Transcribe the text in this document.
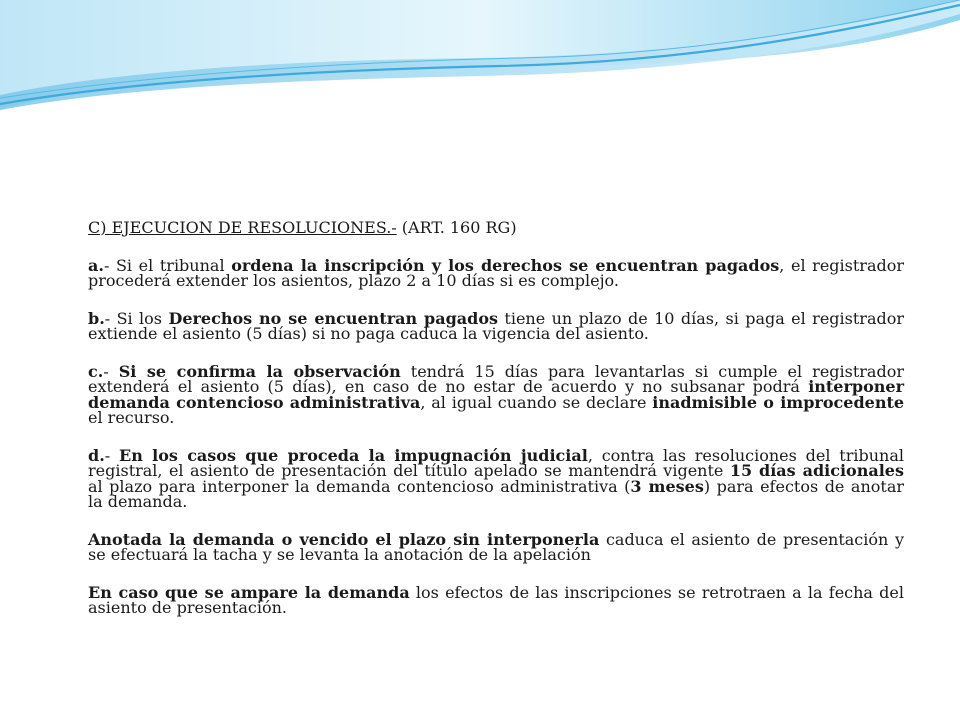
C) EJECUCION DE RESOLUCIONES.- (ART. 160 RG)

a.- Si el tribunal ordena la inscripción y los derechos se encuentran pagados, el registrador procederá extender los asientos, plazo 2 a 10 días si es complejo.

b.- Si los Derechos no se encuentran pagados tiene un plazo de 10 días, si paga el registrador extiende el asiento (5 días) si no paga caduca la vigencia del asiento.

c.- Si se confirma la observación tendrá 15 días para levantarlas si cumple el registrador extenderá el asiento (5 días), en caso de no estar de acuerdo y no subsanar podrá interponer demanda contencioso administrativa, al igual cuando se declare inadmisible o improcedente el recurso.

d.- En los casos que proceda la impugnación judicial, contra las resoluciones del tribunal registral, el asiento de presentación del título apelado se mantendrá vigente 15 días adicionales al plazo para interponer la demanda contencioso administrativa (3 meses) para efectos de anotar la demanda.

Anotada la demanda o vencido el plazo sin interponerla caduca el asiento de presentación y se efectuará la tacha y se levanta la anotación de la apelación

En caso que se ampare la demanda los efectos de las inscripciones se retrotraen a la fecha del asiento de presentación.
